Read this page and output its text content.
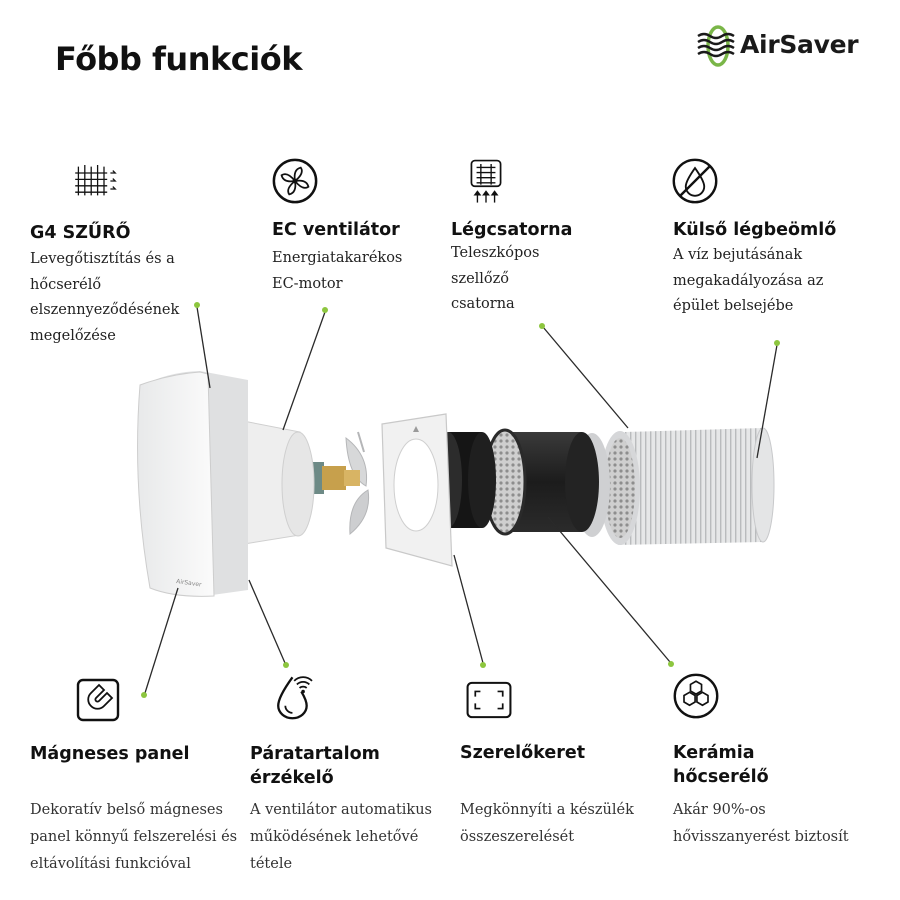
Főbb funkciók	AirSaver
AirSaver
G4 SZŰRŐ
Levegőtisztítás és a
hőcserélő
elszennyeződésének
megelőzése
EC ventilátor
Energiatakarékos
EC-motor
Légcsatorna
Teleszkópos
szellőző
csatorna
Külső légbeömlő
A víz bejutásának
megakadályozása az
épület belsejébe
Mágneses panel
Dekoratív belső mágneses
panel könnyű felszerelési és
eltávolítási funkcióval
Páratartalom
érzékelő
A ventilátor automatikus
működésének lehetővé
tétele
Szerelőkeret
Megkönnyíti a készülék
összeszerelését
Kerámia
hőcserélő
Akár 90%-os
hővisszanyerést biztosít
